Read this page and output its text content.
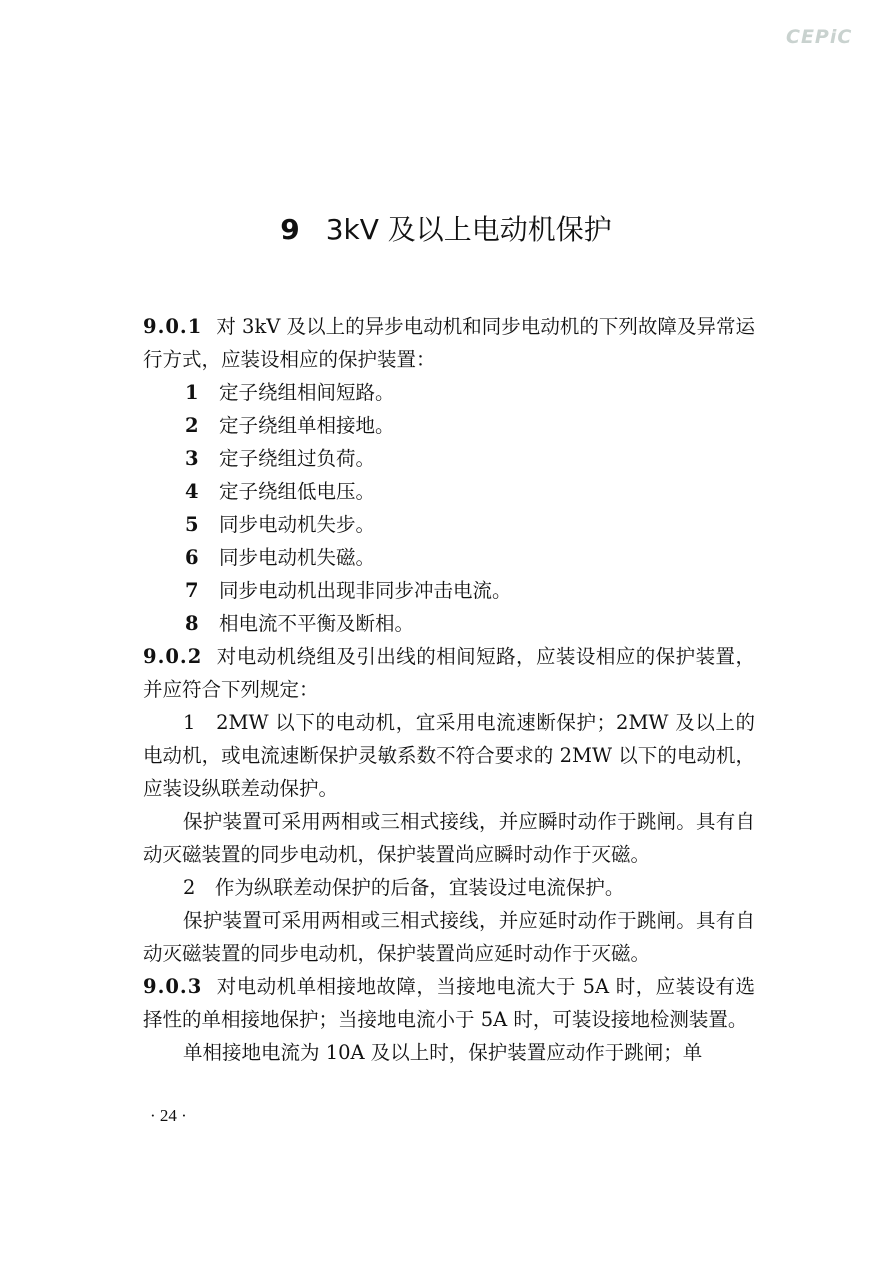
CEPiC
9 3kV 及以上电动机保护

9.0.1 对 3kV 及以上的异步电动机和同步电动机的下列故障及异常运行方式，应装设相应的保护装置：

1 定子绕组相间短路。

2 定子绕组单相接地。

3 定子绕组过负荷。

4 定子绕组低电压。

5 同步电动机失步。

6 同步电动机失磁。

7 同步电动机出现非同步冲击电流。

8 相电流不平衡及断相。

9.0.2 对电动机绕组及引出线的相间短路，应装设相应的保护装置，并应符合下列规定：

1　2MW 以下的电动机，宜采用电流速断保护；2MW 及以上的电动机，或电流速断保护灵敏系数不符合要求的 2MW 以下的电动机，应装设纵联差动保护。

保护装置可采用两相或三相式接线，并应瞬时动作于跳闸。具有自动灭磁装置的同步电动机，保护装置尚应瞬时动作于灭磁。

2　作为纵联差动保护的后备，宜装设过电流保护。

保护装置可采用两相或三相式接线，并应延时动作于跳闸。具有自动灭磁装置的同步电动机，保护装置尚应延时动作于灭磁。

9.0.3 对电动机单相接地故障，当接地电流大于 5A 时，应装设有选择性的单相接地保护；当接地电流小于 5A 时，可装设接地检测装置。

单相接地电流为 10A 及以上时，保护装置应动作于跳闸；单

· 24 ·
